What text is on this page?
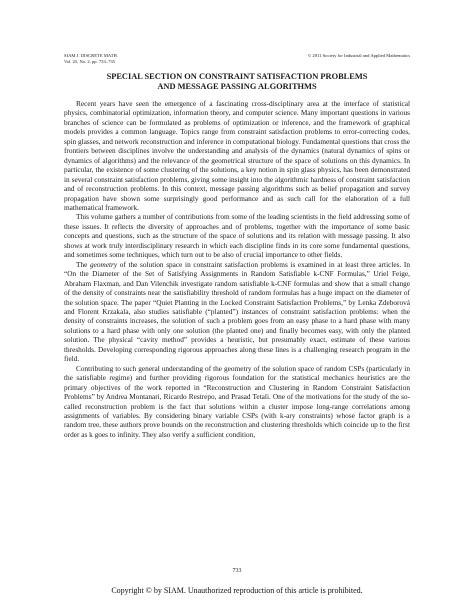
SIAM J. DISCRETE MATH.
Vol. 25, No. 2, pp. 733–735
© 2011 Society for Industrial and Applied Mathematics
SPECIAL SECTION ON CONSTRAINT SATISFACTION PROBLEMS
AND MESSAGE PASSING ALGORITHMS

Recent years have seen the emergence of a fascinating cross-disciplinary area at the interface of statistical physics, combinatorial optimization, information theory, and computer science. Many important questions in various branches of science can be formulated as problems of optimization or inference, and the framework of graphical models provides a common language. Topics range from constraint satisfaction problems to error-correcting codes, spin glasses, and network reconstruction and inference in computational biology. Fundamental questions that cross the frontiers between disciplines involve the understanding and analysis of the dynamics (natural dynamics of spins or dynamics of algorithms) and the relevance of the geometrical structure of the space of solutions on this dynamics. In particular, the existence of some clustering of the solutions, a key notion in spin glass physics, has been demonstrated in several constraint satisfaction problems, giving some insight into the algorithmic hardness of constraint satisfaction and of reconstruction problems. In this context, message passing algorithms such as belief propagation and survey propagation have shown some surprisingly good performance and as such call for the elaboration of a full mathematical framework.

This volume gathers a number of contributions from some of the leading scientists in the field addressing some of these issues. It reflects the diversity of approaches and of problems, together with the importance of some basic concepts and questions, such as the structure of the space of solutions and its relation with message passing. It also shows at work truly interdisciplinary research in which each discipline finds in its core some fundamental questions, and sometimes some techniques, which turn out to be also of crucial importance to other fields.

The geometry of the solution space in constraint satisfaction problems is examined in at least three articles. In “On the Diameter of the Set of Satisfying Assignments in Random Satisfiable k-CNF Formulas,” Uriel Feige, Abraham Flaxman, and Dan Vilenchik investigate random satisfiable k-CNF formulas and show that a small change of the density of constraints near the satisfiability threshold of random formulas has a huge impact on the diameter of the solution space. The paper “Quiet Planting in the Locked Constraint Satisfaction Problems,” by Lenka Zdeborová and Florent Krzakala, also studies satisfiable (“planted”) instances of constraint satisfaction problems: when the density of constraints increases, the solution of such a problem goes from an easy phase to a hard phase with many solutions to a hard phase with only one solution (the planted one) and finally becomes easy, with only the planted solution. The physical “cavity method” provides a heuristic, but presumably exact, estimate of these various thresholds. Developing corresponding rigorous approaches along these lines is a challenging research program in the field.

Contributing to such general understanding of the geometry of the solution space of random CSPs (particularly in the satisfiable regime) and further providing rigorous foundation for the statistical mechanics heuristics are the primary objectives of the work reported in “Reconstruction and Clustering in Random Constraint Satisfaction Problems” by Andrea Montanari, Ricardo Restrepo, and Prasad Tetali. One of the motivations for the study of the so-called reconstruction problem is the fact that solutions within a cluster impose long-range correlations among assignments of variables. By considering binary variable CSPs (with k-ary constraints) whose factor graph is a random tree, these authors prove bounds on the reconstruction and clustering thresholds which coincide up to the first order as k goes to infinity. They also verify a sufficient condition,

733
Copyright © by SIAM. Unauthorized reproduction of this article is prohibited.
